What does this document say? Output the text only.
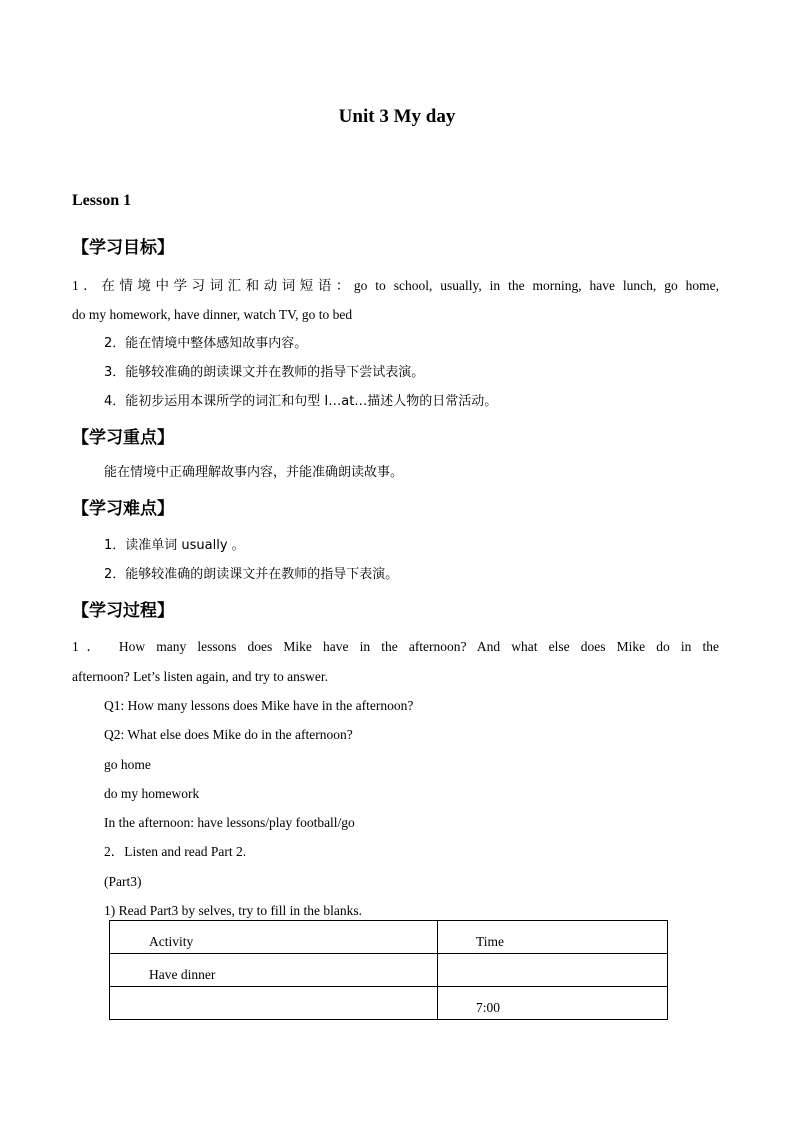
Unit 3 My day
Lesson 1
【学习目标】
1．在情境中学习词汇和动词短语：go to school, usually, in the morning, have lunch, go home,
do my homework, have dinner, watch TV, go to bed
2．能在情境中整体感知故事内容。
3．能够较准确的朗读课文并在教师的指导下尝试表演。
4．能初步运用本课所学的词汇和句型 I…at…描述人物的日常活动。
【学习重点】
能在情境中正确理解故事内容，并能准确朗读故事。
【学习难点】
1．读准单词 usually 。
2．能够较准确的朗读课文并在教师的指导下表演。
【学习过程】
1． How many lessons does Mike have in the afternoon? And what else does Mike do in the
afternoon? Let’s listen again, and try to answer.
Q1: How many lessons does Mike have in the afternoon?
Q2: What else does Mike do in the afternoon?
go home
do my homework
In the afternoon: have lessons/play football/go
2．Listen and read Part 2.
(Part3)
1) Read Part3 by selves, try to fill in the blanks.
Activity	Time
Have dinner	
	7:00
